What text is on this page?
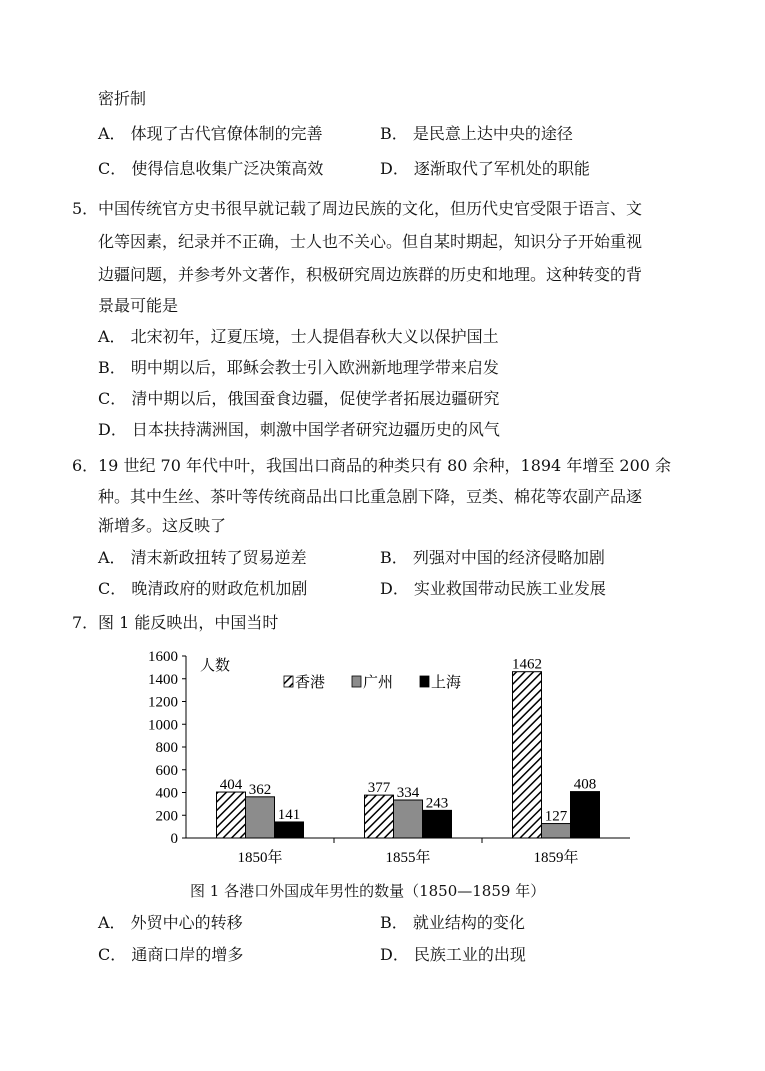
密折制
A． 体现了古代官僚体制的完善	B． 是民意上达中央的途径
C． 使得信息收集广泛决策高效	D． 逐渐取代了军机处的职能
5． 中国传统官方史书很早就记载了周边民族的文化，但历代史官受限于语言、文
化等因素，纪录并不正确，士人也不关心。但自某时期起，知识分子开始重视
边疆问题，并参考外文著作，积极研究周边族群的历史和地理。这种转变的背
景最可能是
A． 北宋初年，辽夏压境，士人提倡春秋大义以保护国土
B． 明中期以后，耶稣会教士引入欧洲新地理学带来启发
C． 清中期以后，俄国蚕食边疆，促使学者拓展边疆研究
D． 日本扶持满洲国，刺激中国学者研究边疆历史的风气
6． 19 世纪 70 年代中叶，我国出口商品的种类只有 80 余种，1894 年增至 200 余
种。其中生丝、茶叶等传统商品出口比重急剧下降，豆类、棉花等农副产品逐
渐增多。这反映了
A． 清末新政扭转了贸易逆差	B． 列强对中国的经济侵略加剧
C． 晚清政府的财政危机加剧	D． 实业救国带动民族工业发展
7． 图 1 能反映出，中国当时
0
200
400
600
800
1000
1200
1400
1600
人数
1850年	1855年	1859年
404 362
141
377 334
243
1462
127
408
香港	广州	上海
图 1 各港口外国成年男性的数量（1850—1859 年）
A． 外贸中心的转移	B． 就业结构的变化
C． 通商口岸的增多	D． 民族工业的出现
